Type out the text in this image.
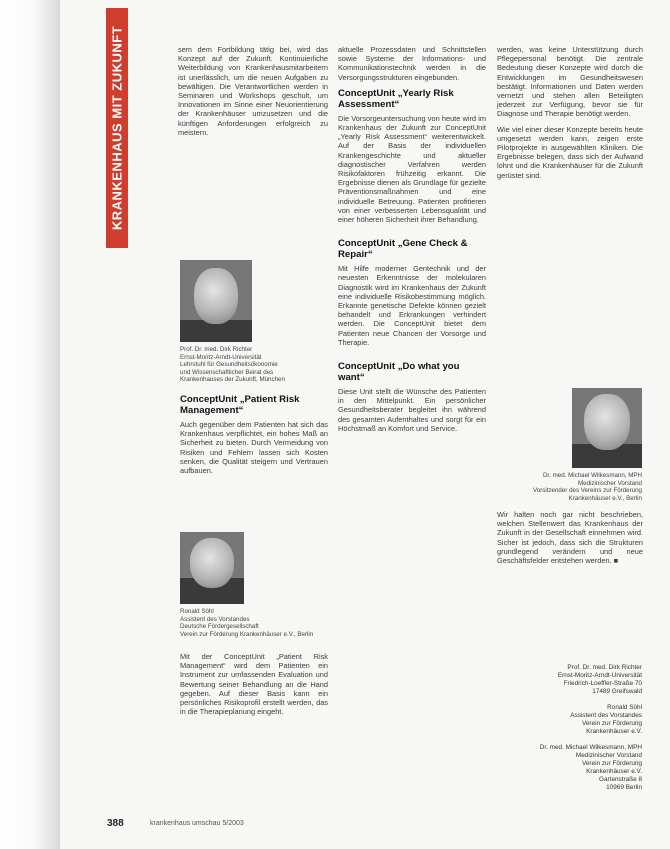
KRANKENHAUS MIT ZUKUNFT	sem dem Fortbildung tätig bei, wird das Konzept auf der Zukunft. Kontinuierliche Weiterbildung von Krankenhausmitarbeitern ist unerlässlich, um die neuen Aufgaben zu bewältigen. Die Verantwortlichen werden in Seminaren und Workshops geschult, um Innovationen im Sinne einer Neuorientierung der Krankenhäuser umzusetzen und die künftigen Anforderungen erfolgreich zu meistern.

Prof. Dr. med. Dirk Richter
Ernst-Moritz-Arndt-Universität
Lehrstuhl für Gesundheitsökonomie
und Wissenschaftlicher Beirat des
Krankenhauses der Zukunft, München
ConceptUnit „Patient Risk Management“

Auch gegenüber dem Patienten hat sich das Krankenhaus verpflichtet, ein hohes Maß an Sicherheit zu bieten. Durch Vermeidung von Risiken und Fehlern lassen sich Kosten senken, die Qualität steigern und Vertrauen aufbauen.

Ronald Söhl
Assistent des Vorstandes
Deutsche Fördergesellschaft
Verein zur Förderung Krankenhäuser e.V., Berlin

Mit der ConceptUnit „Patient Risk Management“ wird dem Patienten ein Instrument zur umfassenden Evaluation und Bewertung seiner Behandlung an die Hand gegeben. Auf dieser Basis kann ein persönliches Risikoprofil erstellt werden, das in die Therapieplanung eingeht.

aktuelle Prozessdaten und Schnittstellen sowie Systeme der Informations- und Kommunikationstechnik werden in die Versorgungsstrukturen eingebunden.

ConceptUnit „Yearly Risk Assessment“

Die Vorsorgeuntersuchung von heute wird im Krankenhaus der Zukunft zur ConceptUnit „Yearly Risk Assessment“ weiterentwickelt. Auf der Basis der individuellen Krankengeschichte und aktueller diagnostischer Verfahren werden Risikofaktoren frühzeitig erkannt. Die Ergebnisse dienen als Grundlage für gezielte Präventionsmaßnahmen und eine individuelle Betreuung. Patienten profitieren von einer verbesserten Lebensqualität und einer höheren Sicherheit ihrer Behandlung.

ConceptUnit „Gene Check & Repair“

Mit Hilfe moderner Gentechnik und der neuesten Erkenntnisse der molekularen Diagnostik wird im Krankenhaus der Zukunft eine individuelle Risikobestimmung möglich. Erkannte genetische Defekte können gezielt behandelt und Erkrankungen verhindert werden. Die ConceptUnit bietet dem Patienten neue Chancen der Vorsorge und Therapie.

ConceptUnit „Do what you want“

Diese Unit stellt die Wünsche des Patienten in den Mittelpunkt. Ein persönlicher Gesundheitsberater begleitet ihn während des gesamten Aufenthaltes und sorgt für ein Höchstmaß an Komfort und Service.

werden, was keine Unterstützung durch Pflegepersonal benötigt. Die zentrale Bedeutung dieser Konzepte wird durch die Entwicklungen im Gesundheitswesen bestätigt. Informationen und Daten werden vernetzt und stehen allen Beteiligten jederzeit zur Verfügung, bevor sie für Diagnose und Therapie benötigt werden.

Wie viel einer dieser Konzepte bereits heute umgesetzt werden kann, zeigen erste Pilotprojekte in ausgewählten Kliniken. Die Ergebnisse belegen, dass sich der Aufwand lohnt und die Krankenhäuser für die Zukunft gerüstet sind.

Dr. med. Michael Wilkesmann, MPH
Medizinischer Vorstand
Vorsitzender des Vereins zur Förderung
Krankenhäuser e.V., Berlin

Wir halten noch gar nicht beschrieben, welchen Stellenwert das Krankenhaus der Zukunft in der Gesellschaft einnehmen wird. Sicher ist jedoch, dass sich die Strukturen grundlegend verändern und neue Geschäftsfelder entstehen werden. ■

Prof. Dr. med. Dirk Richter
Ernst-Moritz-Arndt-Universität
Friedrich-Loeffler-Straße 70
17489 Greifswald
Ronald Söhl
Assistent des Vorstandes
Verein zur Förderung
Krankenhäuser e.V.
Dr. med. Michael Wilkesmann, MPH
Medizinischer Vorstand
Verein zur Förderung
Krankenhäuser e.V.
Gartenstraße 8
10969 Berlin
388	krankenhaus umschau 5/2003
